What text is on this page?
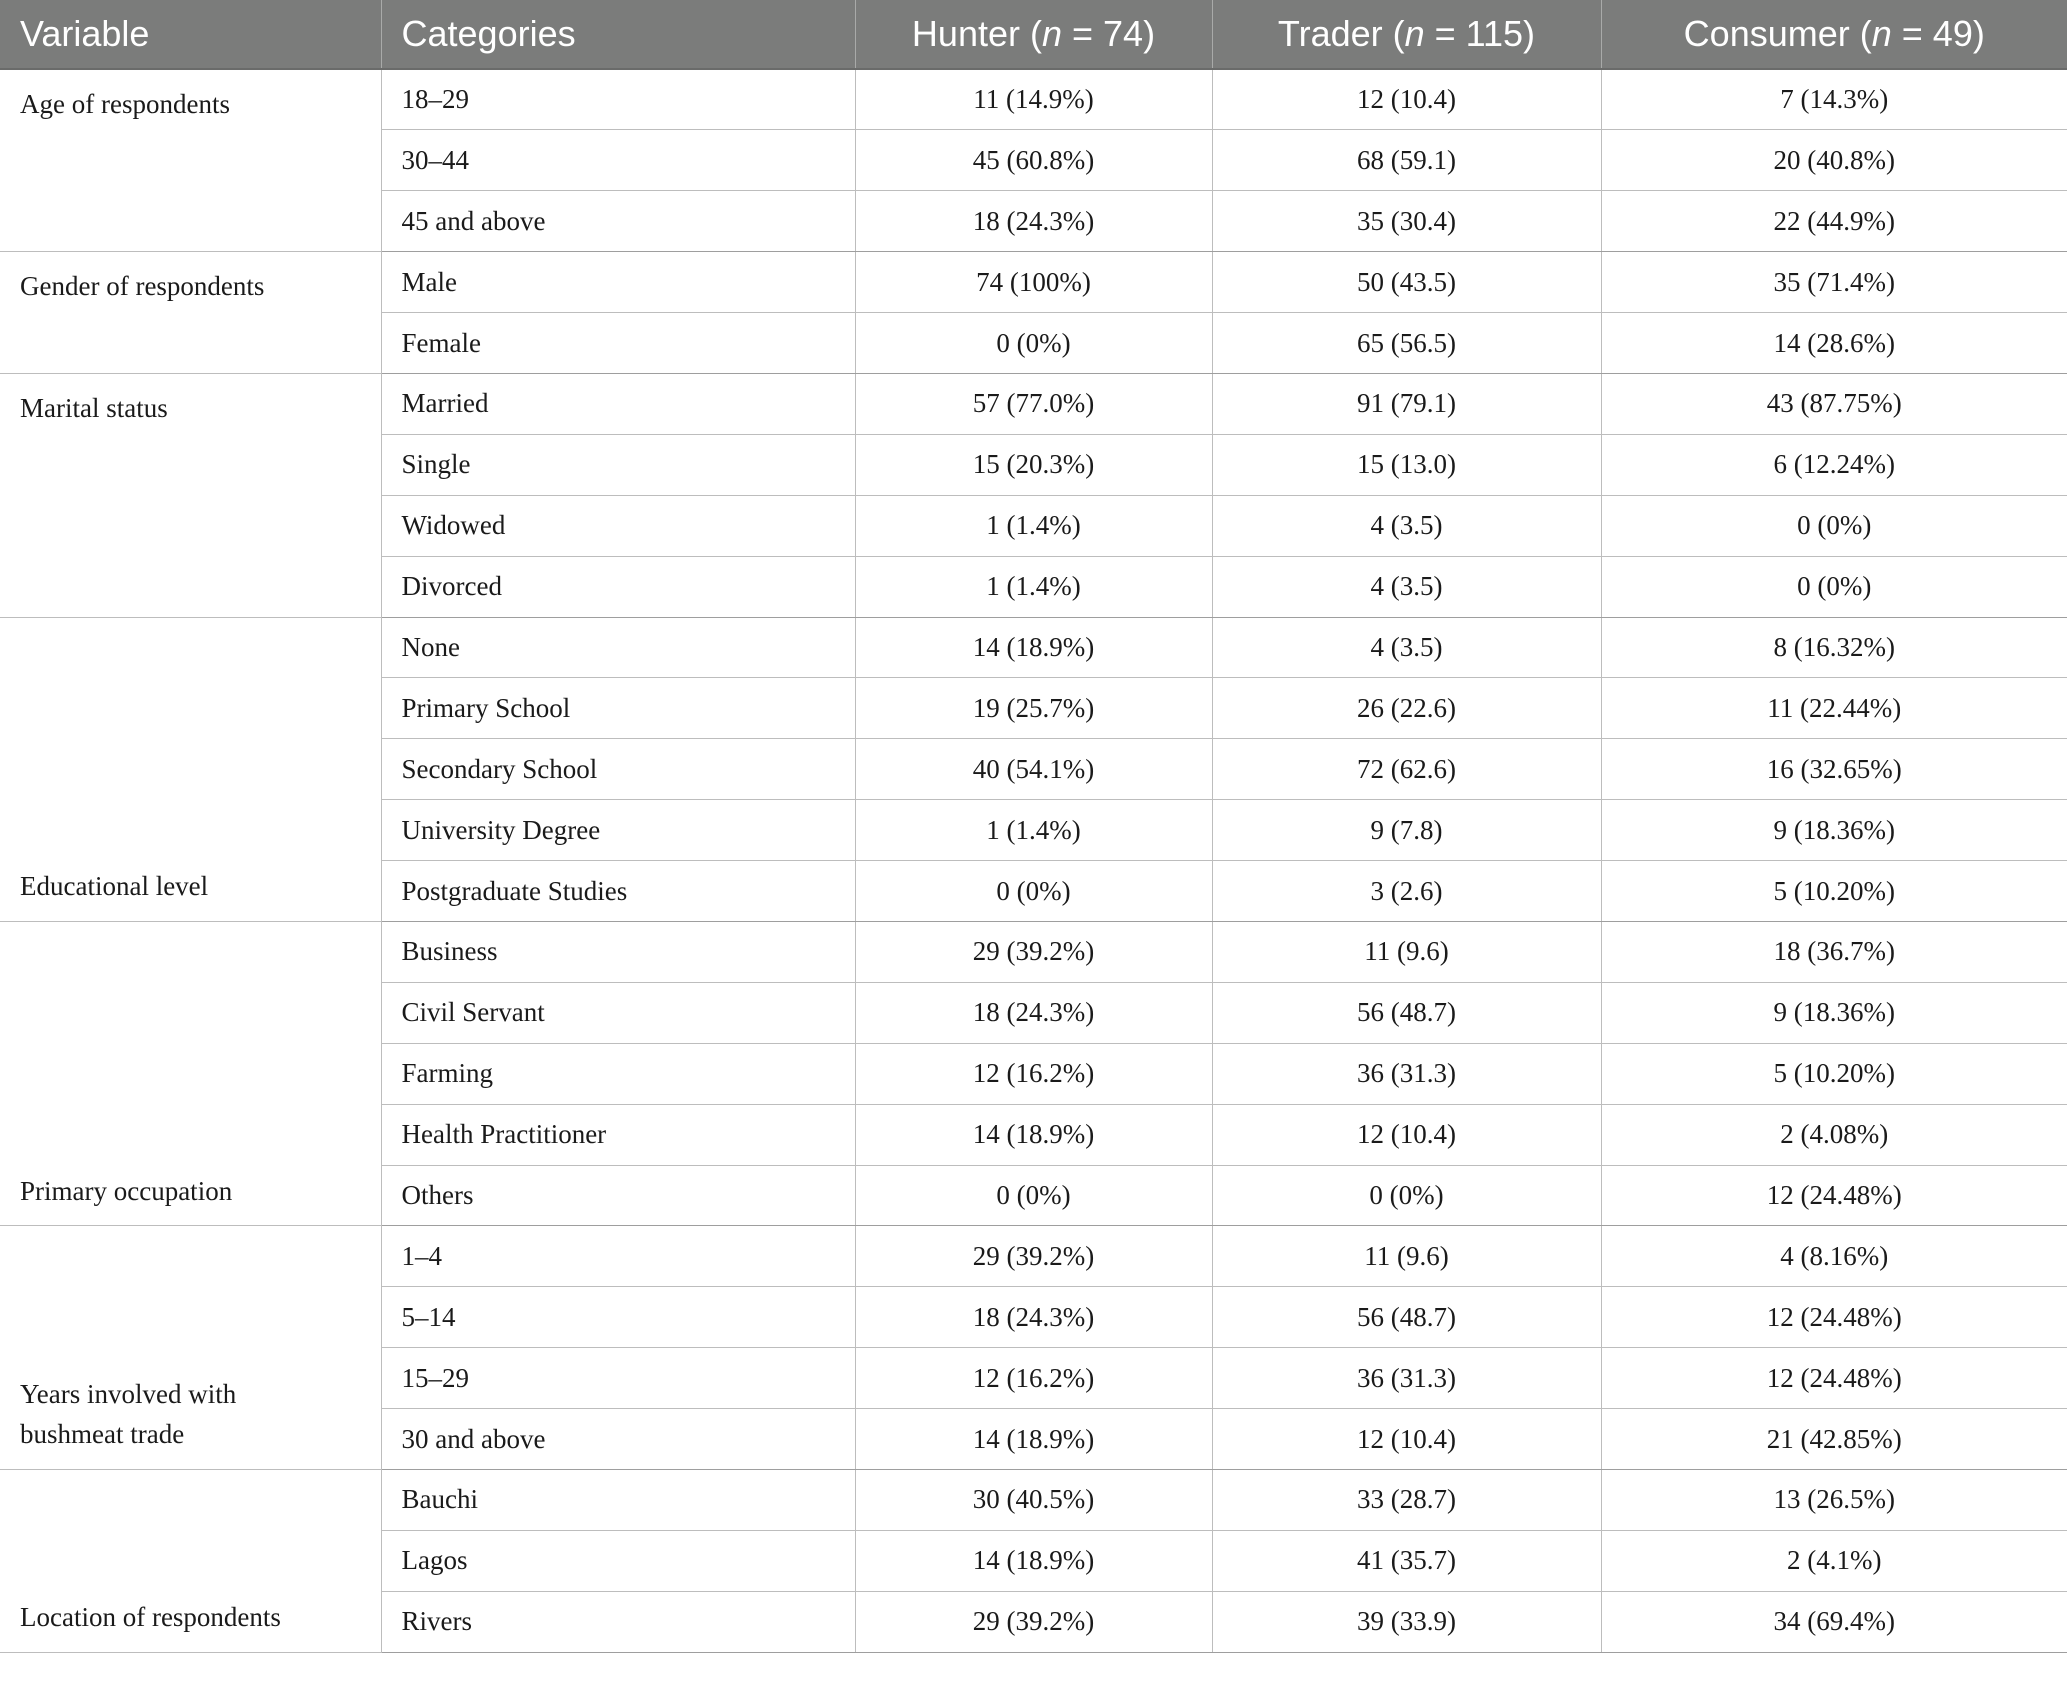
Variable	Categories	Hunter (n = 74)	Trader (n = 115)	Consumer (n = 49)

Age of respondents	18–29	11 (14.9%)	12 (10.4)	7 (14.3%)
	30–44	45 (60.8%)	68 (59.1)	20 (40.8%)
	45 and above	18 (24.3%)	35 (30.4)	22 (44.9%)

Gender of respondents	Male	74 (100%)	50 (43.5)	35 (71.4%)
	Female	0 (0%)	65 (56.5)	14 (28.6%)

Marital status	Married	57 (77.0%)	91 (79.1)	43 (87.75%)
	Single	15 (20.3%)	15 (13.0)	6 (12.24%)
	Widowed	1 (1.4%)	4 (3.5)	0 (0%)
	Divorced	1 (1.4%)	4 (3.5)	0 (0%)

Educational level	None	14 (18.9%)	4 (3.5)	8 (16.32%)
	Primary School	19 (25.7%)	26 (22.6)	11 (22.44%)
	Secondary School	40 (54.1%)	72 (62.6)	16 (32.65%)
	University Degree	1 (1.4%)	9 (7.8)	9 (18.36%)
	Postgraduate Studies	0 (0%)	3 (2.6)	5 (10.20%)

Primary occupation	Business	29 (39.2%)	11 (9.6)	18 (36.7%)
	Civil Servant	18 (24.3%)	56 (48.7)	9 (18.36%)
	Farming	12 (16.2%)	36 (31.3)	5 (10.20%)
	Health Practitioner	14 (18.9%)	12 (10.4)	2 (4.08%)
	Others	0 (0%)	0 (0%)	12 (24.48%)

Years involved with
bushmeat trade	1–4	29 (39.2%)	11 (9.6)	4 (8.16%)
	5–14	18 (24.3%)	56 (48.7)	12 (24.48%)
	15–29	12 (16.2%)	36 (31.3)	12 (24.48%)
	30 and above	14 (18.9%)	12 (10.4)	21 (42.85%)

Location of respondents	Bauchi	30 (40.5%)	33 (28.7)	13 (26.5%)
	Lagos	14 (18.9%)	41 (35.7)	2 (4.1%)
	Rivers	29 (39.2%)	39 (33.9)	34 (69.4%)
